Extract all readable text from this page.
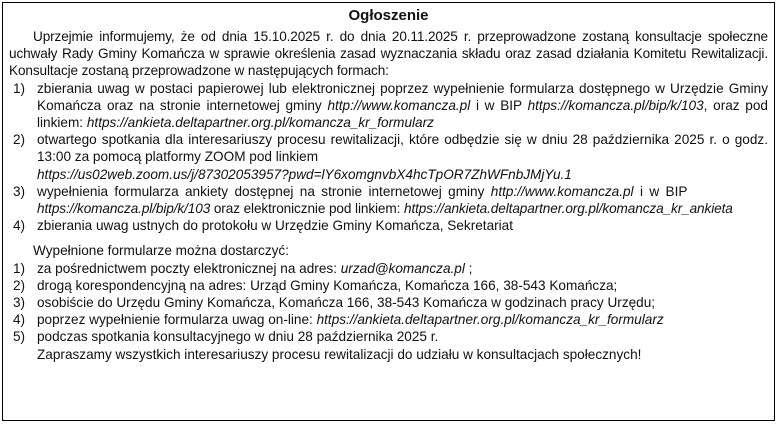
Ogłoszenie

Uprzejmie informujemy, że od dnia 15.10.2025 r. do dnia 20.11.2025 r. przeprowadzone zostaną konsultacje społeczne uchwały Rady Gminy Komańcza w sprawie określenia zasad wyznaczania składu oraz zasad działania Komitetu Rewitalizacji. Konsultacje zostaną przeprowadzone w następujących formach:

1) zbierania uwag w postaci papierowej lub elektronicznej poprzez wypełnienie formularza dostępnego w Urzędzie Gminy Komańcza oraz na stronie internetowej gminy http://www.komancza.pl i w BIP https://komancza.pl/bip/k/103, oraz pod linkiem: https://ankieta.deltapartner.org.pl/komancza_kr_formularz
2) otwartego spotkania dla interesariuszy procesu rewitalizacji, które odbędzie się w dniu 28 października 2025 r. o godz. 13:00 za pomocą platformy ZOOM pod linkiem
https://us02web.zoom.us/j/87302053957?pwd=lY6xomgnvbX4hcTpOR7ZhWFnbJMjYu.1
3) wypełnienia formularza ankiety dostępnej na stronie internetowej gminy http://www.komancza.pl i w BIP
https://komancza.pl/bip/k/103 oraz elektronicznie pod linkiem: https://ankieta.deltapartner.org.pl/komancza_kr_ankieta
4) zbierania uwag ustnych do protokołu w Urzędzie Gminy Komańcza, Sekretariat

Wypełnione formularze można dostarczyć:

1) za pośrednictwem poczty elektronicznej na adres: urzad@komancza.pl ;
2) drogą korespondencyjną na adres: Urząd Gminy Komańcza, Komańcza 166, 38-543 Komańcza;
3) osobiście do Urzędu Gminy Komańcza, Komańcza 166, 38-543 Komańcza w godzinach pracy Urzędu;
4) poprzez wypełnienie formularza uwag on-line: https://ankieta.deltapartner.org.pl/komancza_kr_formularz
5) podczas spotkania konsultacyjnego w dniu 28 października 2025 r.
Zapraszamy wszystkich interesariuszy procesu rewitalizacji do udziału w konsultacjach społecznych!
